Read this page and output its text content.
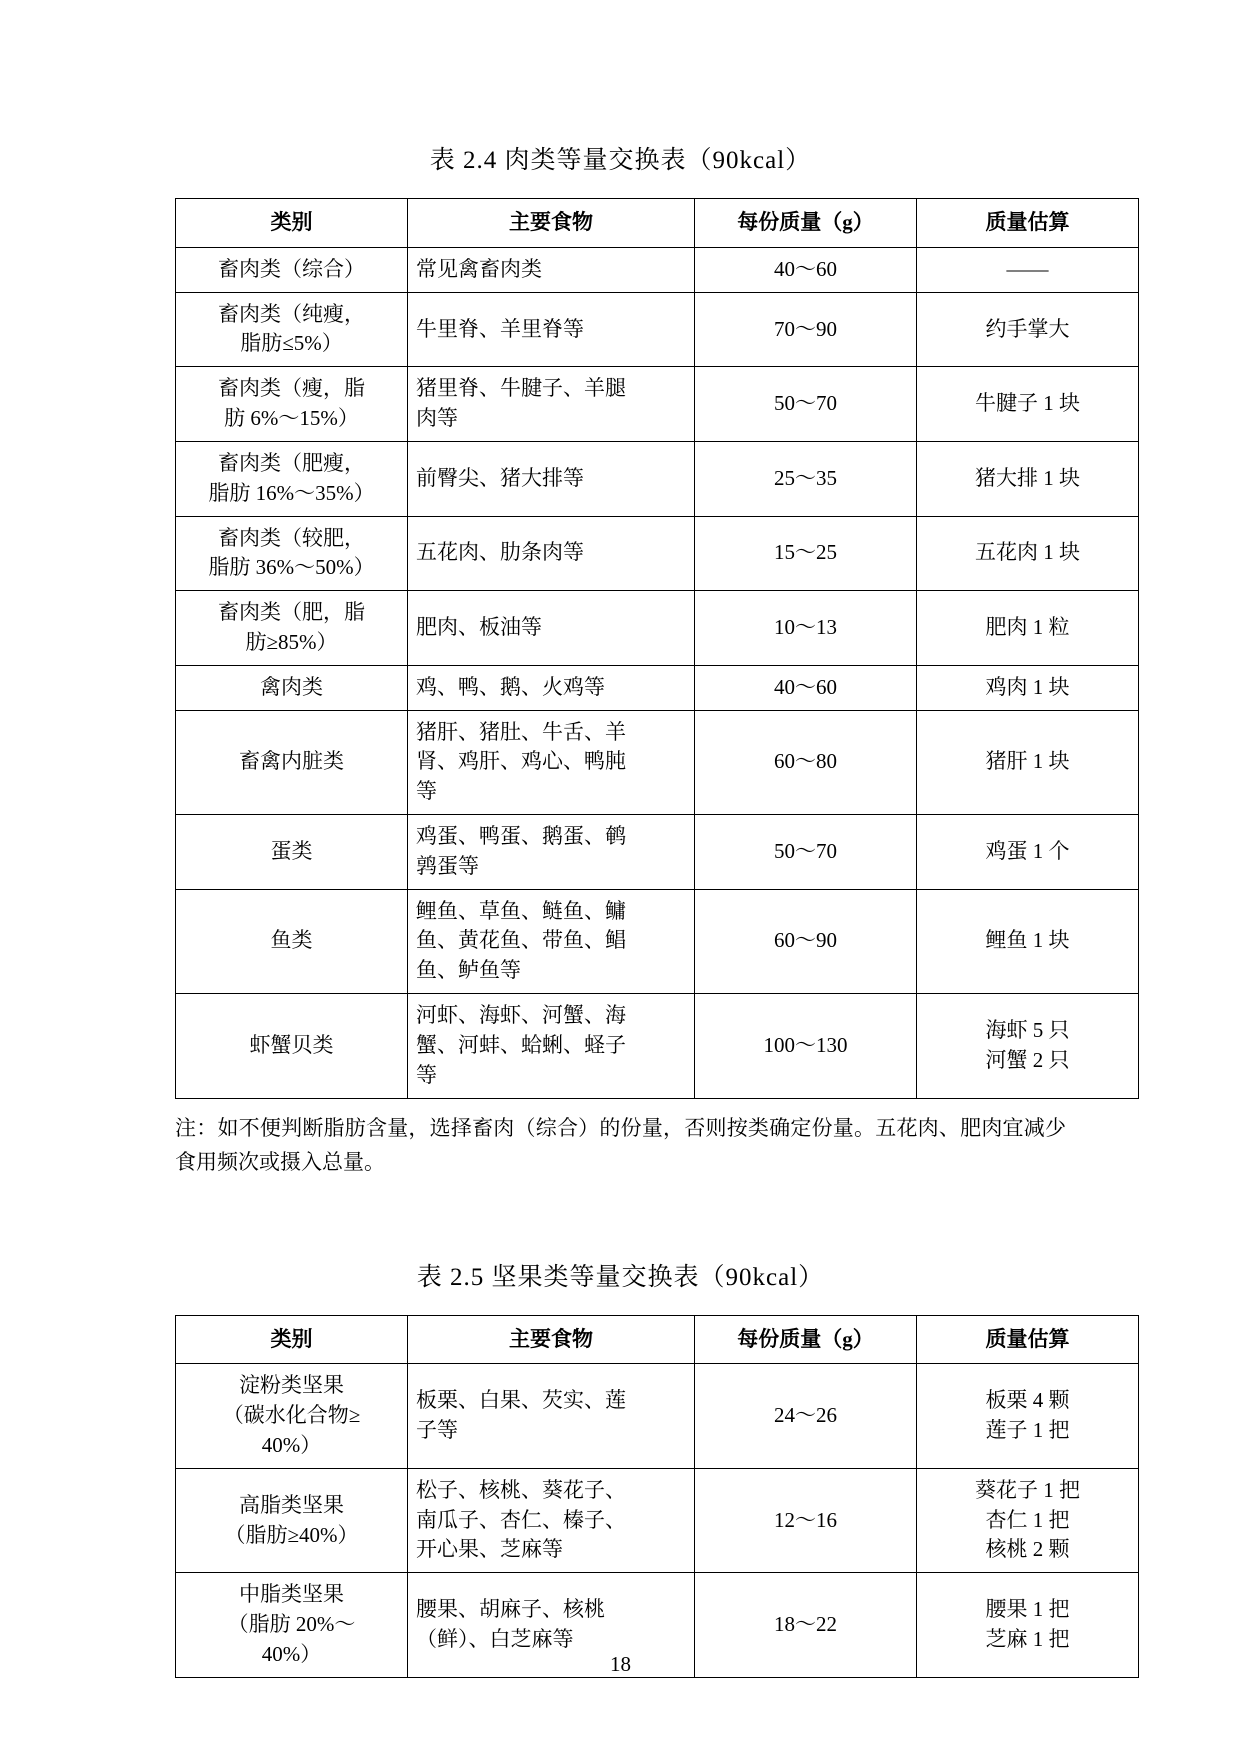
表 2.4 肉类等量交换表（90kcal）
类别	主要食物	每份质量（g）	质量估算
畜肉类（综合）	常见禽畜肉类	40～60	——
畜肉类（纯瘦，
脂肪≤5%）	牛里脊、羊里脊等	70～90	约手掌大
畜肉类（瘦，脂
肪 6%～15%）	猪里脊、牛腱子、羊腿
肉等	50～70	牛腱子 1 块
畜肉类（肥瘦，
脂肪 16%～35%）	前臀尖、猪大排等	25～35	猪大排 1 块
畜肉类（较肥，
脂肪 36%～50%）	五花肉、肋条肉等	15～25	五花肉 1 块
畜肉类（肥，脂
肪≥85%）	肥肉、板油等	10～13	肥肉 1 粒
禽肉类	鸡、鸭、鹅、火鸡等	40～60	鸡肉 1 块
畜禽内脏类	猪肝、猪肚、牛舌、羊
肾、鸡肝、鸡心、鸭肫
等	60～80	猪肝 1 块
蛋类	鸡蛋、鸭蛋、鹅蛋、鹌
鹑蛋等	50～70	鸡蛋 1 个
鱼类	鲤鱼、草鱼、鲢鱼、鳙
鱼、黄花鱼、带鱼、鲳
鱼、鲈鱼等	60～90	鲤鱼 1 块
虾蟹贝类	河虾、海虾、河蟹、海
蟹、河蚌、蛤蜊、蛏子
等	100～130	海虾 5 只
河蟹 2 只
注：如不便判断脂肪含量，选择畜肉（综合）的份量，否则按类确定份量。五花肉、肥肉宜减少食用频次或摄入总量。
表 2.5 坚果类等量交换表（90kcal）
类别	主要食物	每份质量（g）	质量估算
淀粉类坚果
（碳水化合物≥
40%）	板栗、白果、芡实、莲
子等	24～26	板栗 4 颗
莲子 1 把
高脂类坚果
（脂肪≥40%）	松子、核桃、葵花子、
南瓜子、杏仁、榛子、
开心果、芝麻等	12～16	葵花子 1 把
杏仁 1 把
核桃 2 颗
中脂类坚果
（脂肪 20%～
40%）	腰果、胡麻子、核桃
（鲜）、白芝麻等	18～22	腰果 1 把
芝麻 1 把
18
